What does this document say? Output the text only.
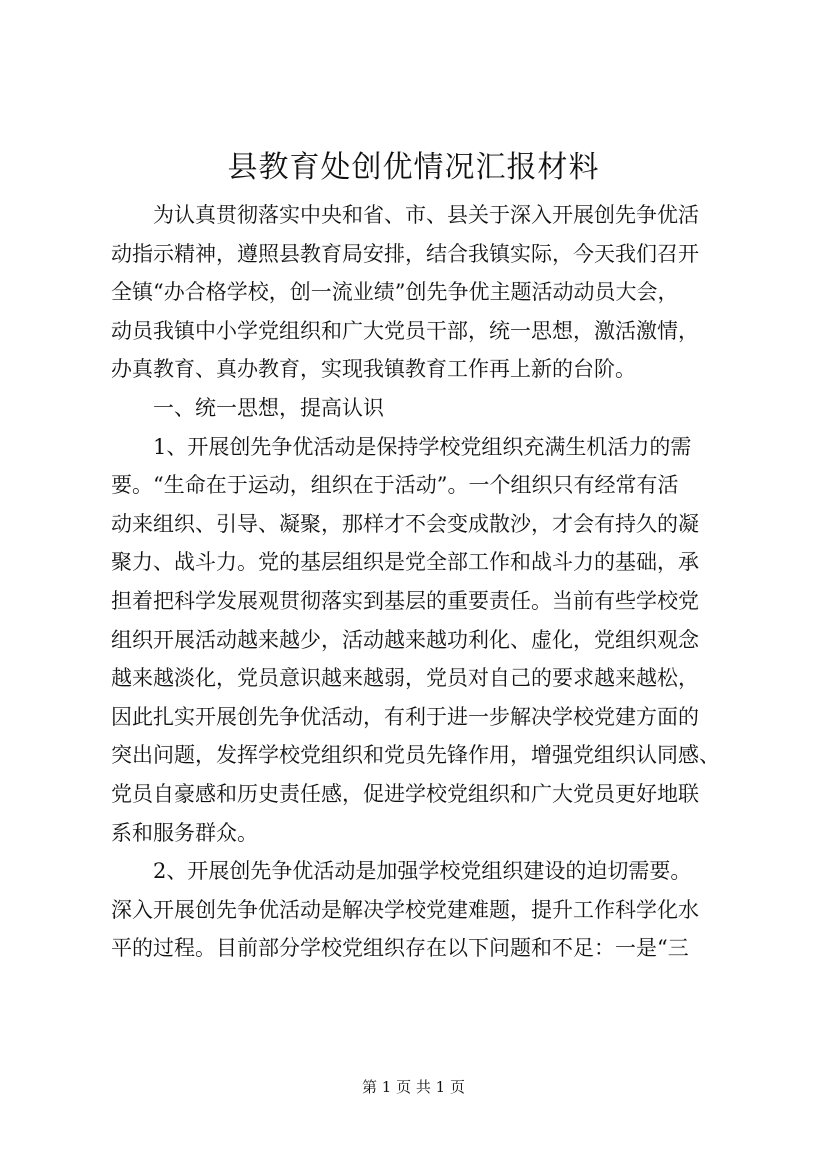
县教育处创优情况汇报材料
为认真贯彻落实中央和省、市、县关于深入开展创先争优活
动指示精神，遵照县教育局安排，结合我镇实际，今天我们召开
全镇“办合格学校，创一流业绩”创先争优主题活动动员大会，
动员我镇中小学党组织和广大党员干部，统一思想，激活激情，
办真教育、真办教育，实现我镇教育工作再上新的台阶。
一、统一思想，提高认识
1、开展创先争优活动是保持学校党组织充满生机活力的需
要。“生命在于运动，组织在于活动”。一个组织只有经常有活
动来组织、引导、凝聚，那样才不会变成散沙，才会有持久的凝
聚力、战斗力。党的基层组织是党全部工作和战斗力的基础，承
担着把科学发展观贯彻落实到基层的重要责任。当前有些学校党
组织开展活动越来越少，活动越来越功利化、虚化，党组织观念
越来越淡化，党员意识越来越弱，党员对自己的要求越来越松，
因此扎实开展创先争优活动，有利于进一步解决学校党建方面的
突出问题，发挥学校党组织和党员先锋作用，增强党组织认同感、
党员自豪感和历史责任感，促进学校党组织和广大党员更好地联
系和服务群众。
2、开展创先争优活动是加强学校党组织建设的迫切需要。
深入开展创先争优活动是解决学校党建难题，提升工作科学化水
平的过程。目前部分学校党组织存在以下问题和不足：一是“三
第 1 页 共 1 页
